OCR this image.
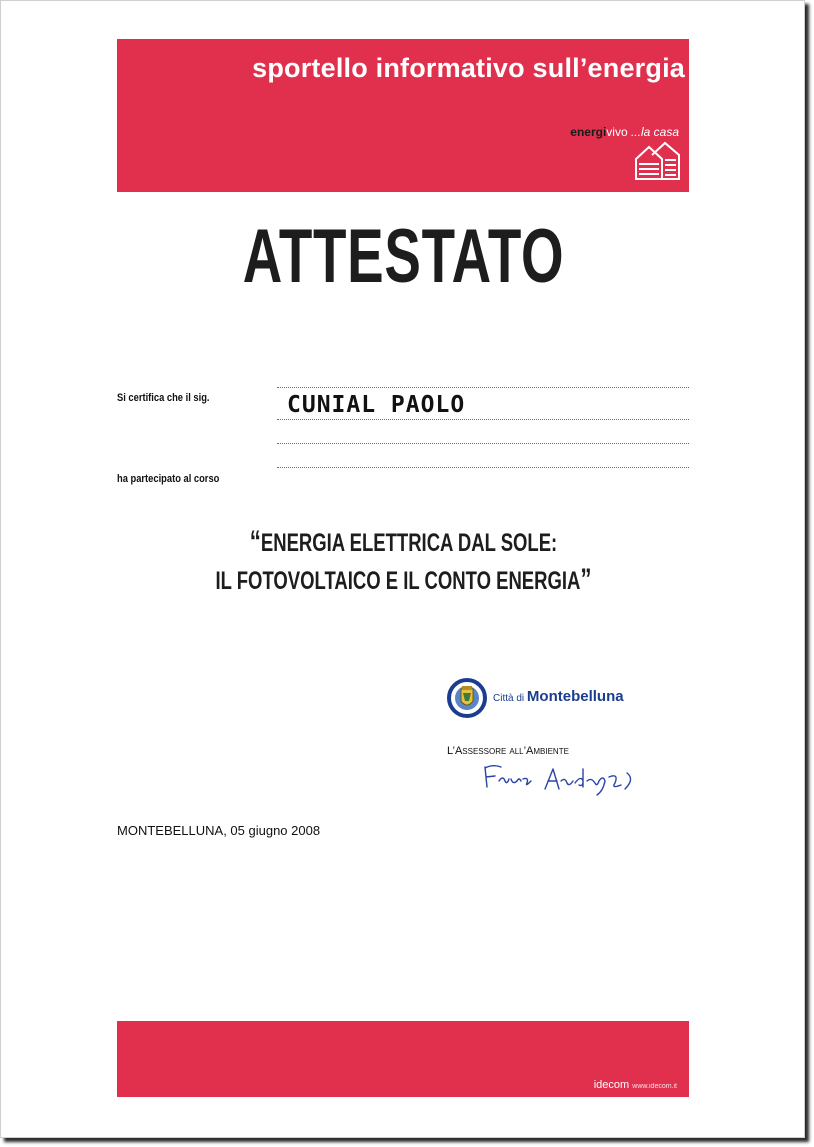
sportello informativo sull’energia
energivivo ...la casa
ATTESTATO
Si certifica che il sig.	CUNIAL PAOLO
ha partecipato al corso
“ENERGIA ELETTRICA DAL SOLE:
IL FOTOVOLTAICO E IL CONTO ENERGIA”
Città di Montebelluna
L’Assessore all’Ambiente
MONTEBELLUNA, 05 giugno 2008
idecom www.idecom.it
